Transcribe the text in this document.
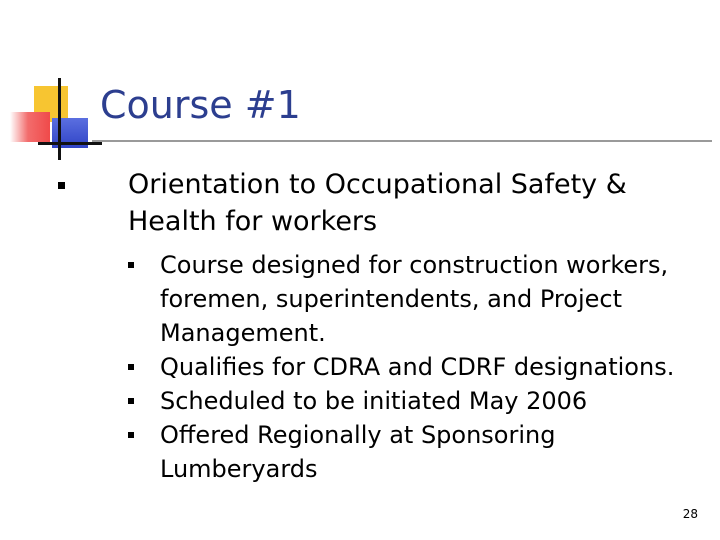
Course #1
Orientation to Occupational Safety & Health for workers
Course designed for construction workers, foremen, superintendents, and Project Management.
Qualifies for CDRA and CDRF designations.
Scheduled to be initiated May 2006
Offered Regionally at Sponsoring Lumberyards
28
